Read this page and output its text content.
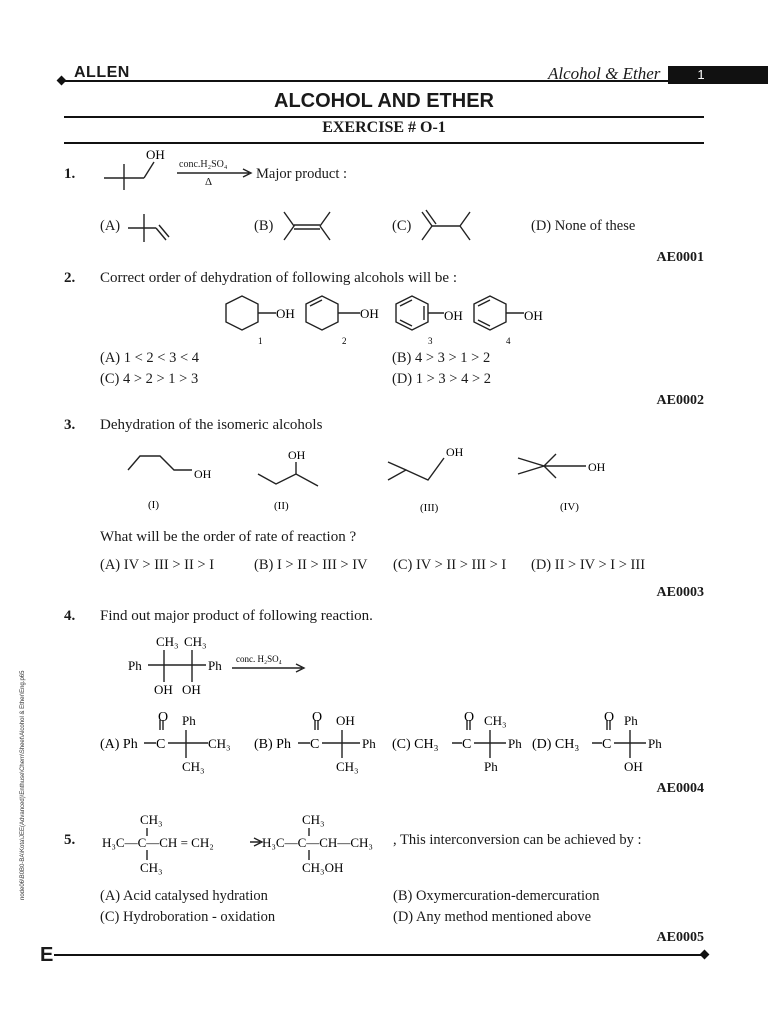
ALLEN	Alcohol & Ether	1
ALCOHOL AND ETHER
EXERCISE # O-1
1.
OH
conc.H₂SO₄
Δ	Major product :
(A)	(B)	(C)	(D) None of these
AE0001
2. Correct order of dehydration of following alcohols will be :
OH
1
OH
2
OH
3
OH
4
(A) 1 < 2 < 3 < 4	(B) 4 > 3 > 1 > 2
(C) 4 > 2 > 1 > 3	(D) 1 > 3 > 4 > 2
AE0002
3. Dehydration of the isomeric alcohols
OH
(I)
OH
(II)
OH
(III)
OH
(IV)
What will be the order of rate of reaction ?
(A) IV > III > II > I	(B) I > II > III > IV (C) IV > II > III > I (D) II > IV > I > III
AE0003
4. Find out major product of following reaction.
CH₃ CH₃
Ph	Ph
OH OH
conc. H₂SO₄
(A) Ph C
O Ph
CH₃
CH₃
(B) Ph C
O OH
Ph
CH₃
(C) CH₃ C
O CH₃
Ph
Ph
(D) CH₃ C
O Ph
Ph
OH
AE0004
5.
CH₃
H₃C—C—CH = CH₂
CH₃
CH₃
H₃C—C—CH—CH₃
CH₃OH
, This interconversion can be achieved by :
(A) Acid catalysed hydration	(B) Oxymercuration-demercuration
(C) Hydroboration - oxidation	(D) Any method mentioned above
AE0005
node06\B0B0-BA\Kota\JEE(Advanced)\Enthuse\Chem\Sheet\Alcohol & Ether\Eng.p65
E
